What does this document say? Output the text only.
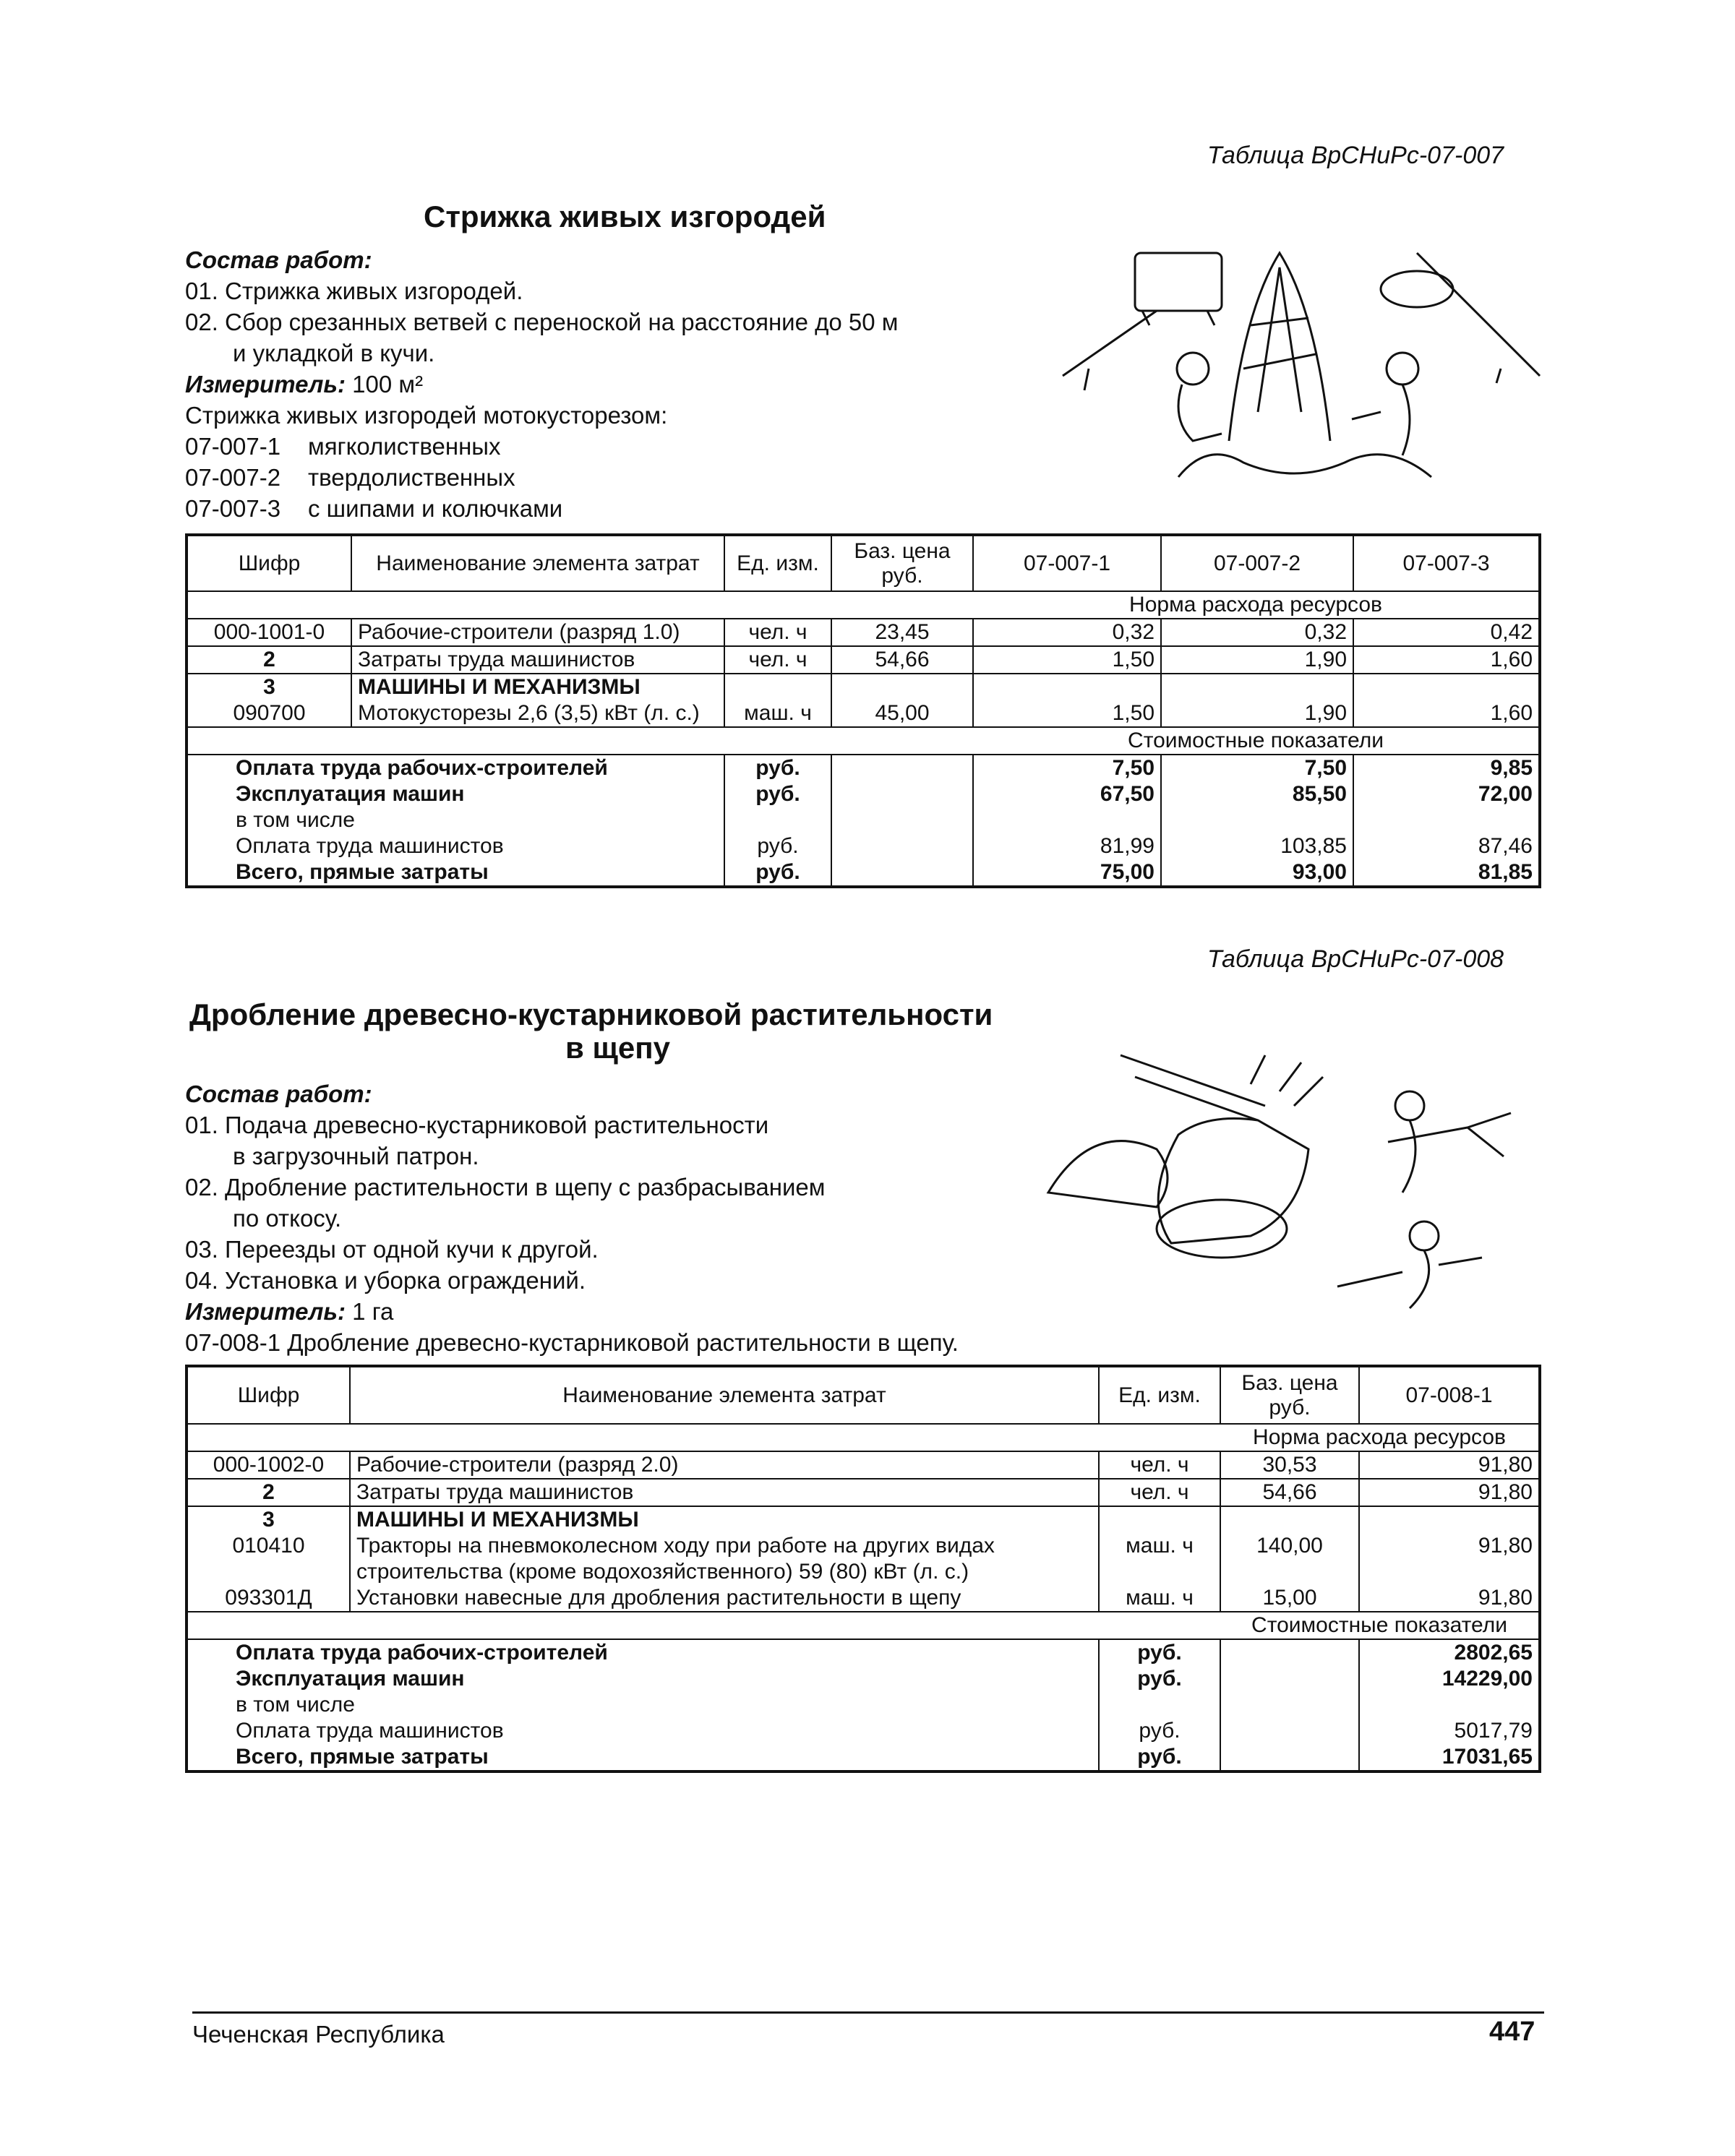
Таблица ВрСНиРс-07-007
Стрижка живых изгородей
Состав работ:
01. Стрижка живых изгородей.
02. Сбор срезанных ветвей с переноской на расстояние до 50 м
и укладкой в кучи.
Измеритель: 100 м²
Стрижка живых изгородей мотокусторезом:
07-007-1 мягколиственных
07-007-2 твердолиственных
07-007-3 с шипами и колючками
Шифр	Наименование элемента затрат	Ед. изм.	Баз. цена руб.	07-007-1	07-007-2	07-007-3
				Норма расхода ресурсов		
000-1001-0	Рабочие-строители (разряд 1.0)	чел. ч	23,45	0,32	0,32	0,42
2	Затраты труда машинистов	чел. ч	54,66	1,50	1,90	1,60
3	МАШИНЫ И МЕХАНИЗМЫ					
090700	Мотокусторезы 2,6 (3,5) кВт (л. с.)	маш. ч	45,00	1,50	1,90	1,60
				Стоимостные показатели		
Оплата труда рабочих-строителей		руб.		7,50	7,50	9,85
Эксплуатация машин		руб.		67,50	85,50	72,00
в том числе						
Оплата труда машинистов		руб.		81,99	103,85	87,46
Всего, прямые затраты		руб.		75,00	93,00	81,85
Таблица ВрСНиРс-07-008
Дробление древесно-кустарниковой растительности
в щепу
Состав работ:
01. Подача древесно-кустарниковой растительности
в загрузочный патрон.
02. Дробление растительности в щепу с разбрасыванием
по откосу.
03. Переезды от одной кучи к другой.
04. Установка и уборка ограждений.
Измеритель: 1 га
07-008-1 Дробление древесно-кустарниковой растительности в щепу.
Шифр	Наименование элемента затрат	Ед. изм.	Баз. цена руб.	07-008-1
			Норма расхода ресурсов	
000-1002-0	Рабочие-строители (разряд 2.0)	чел. ч	30,53	91,80
2	Затраты труда машинистов	чел. ч	54,66	91,80
3	МАШИНЫ И МЕХАНИЗМЫ			
010410	Тракторы на пневмоколесном ходу при работе на других видах	маш. ч	140,00	91,80
	строительства (кроме водохозяйственного) 59 (80) кВт (л. с.)			
093301Д	Установки навесные для дробления растительности в щепу	маш. ч	15,00	91,80
			Стоимостные показатели	
Оплата труда рабочих-строителей		руб.		2802,65
Эксплуатация машин		руб.		14229,00
в том числе				
Оплата труда машинистов		руб.		5017,79
Всего, прямые затраты		руб.		17031,65
Чеченская Республика	447
